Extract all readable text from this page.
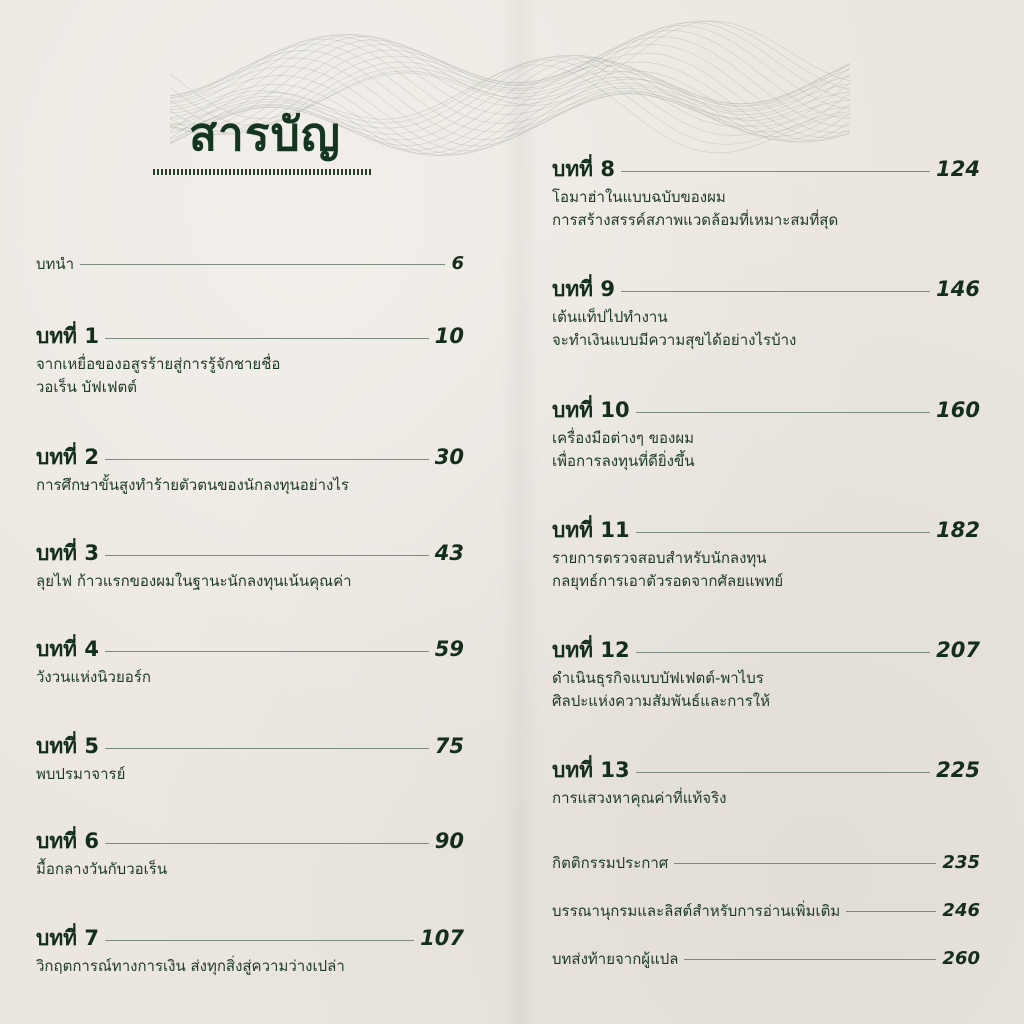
สารบัญ
บทนำ	6
บทที่ 1	10
จากเหยื่อของอสูรร้ายสู่การรู้จักชายชื่อ
วอเร็น บัฟเฟตต์
บทที่ 2	30
การศึกษาขั้นสูงทำร้ายตัวตนของนักลงทุนอย่างไร
บทที่ 3	43
ลุยไฟ ก้าวแรกของผมในฐานะนักลงทุนเน้นคุณค่า
บทที่ 4	59
วังวนแห่งนิวยอร์ก
บทที่ 5	75
พบปรมาจารย์
บทที่ 6	90
มื้อกลางวันกับวอเร็น
บทที่ 7	107
วิกฤตการณ์ทางการเงิน ส่งทุกสิ่งสู่ความว่างเปล่า
บทที่ 8	124
โอมาฮ่าในแบบฉบับของผม
การสร้างสรรค์สภาพแวดล้อมที่เหมาะสมที่สุด
บทที่ 9	146
เต้นแท็ปไปทำงาน
จะทำเงินแบบมีความสุขได้อย่างไรบ้าง
บทที่ 10	160
เครื่องมือต่างๆ ของผม
เพื่อการลงทุนที่ดียิ่งขึ้น
บทที่ 11	182
รายการตรวจสอบสำหรับนักลงทุน
กลยุทธ์การเอาตัวรอดจากศัลยแพทย์
บทที่ 12	207
ดำเนินธุรกิจแบบบัฟเฟตต์-พาไบร
ศิลปะแห่งความสัมพันธ์และการให้
บทที่ 13	225
การแสวงหาคุณค่าที่แท้จริง
กิตติกรรมประกาศ	235
บรรณานุกรมและลิสต์สำหรับการอ่านเพิ่มเติม	246
บทส่งท้ายจากผู้แปล	260
